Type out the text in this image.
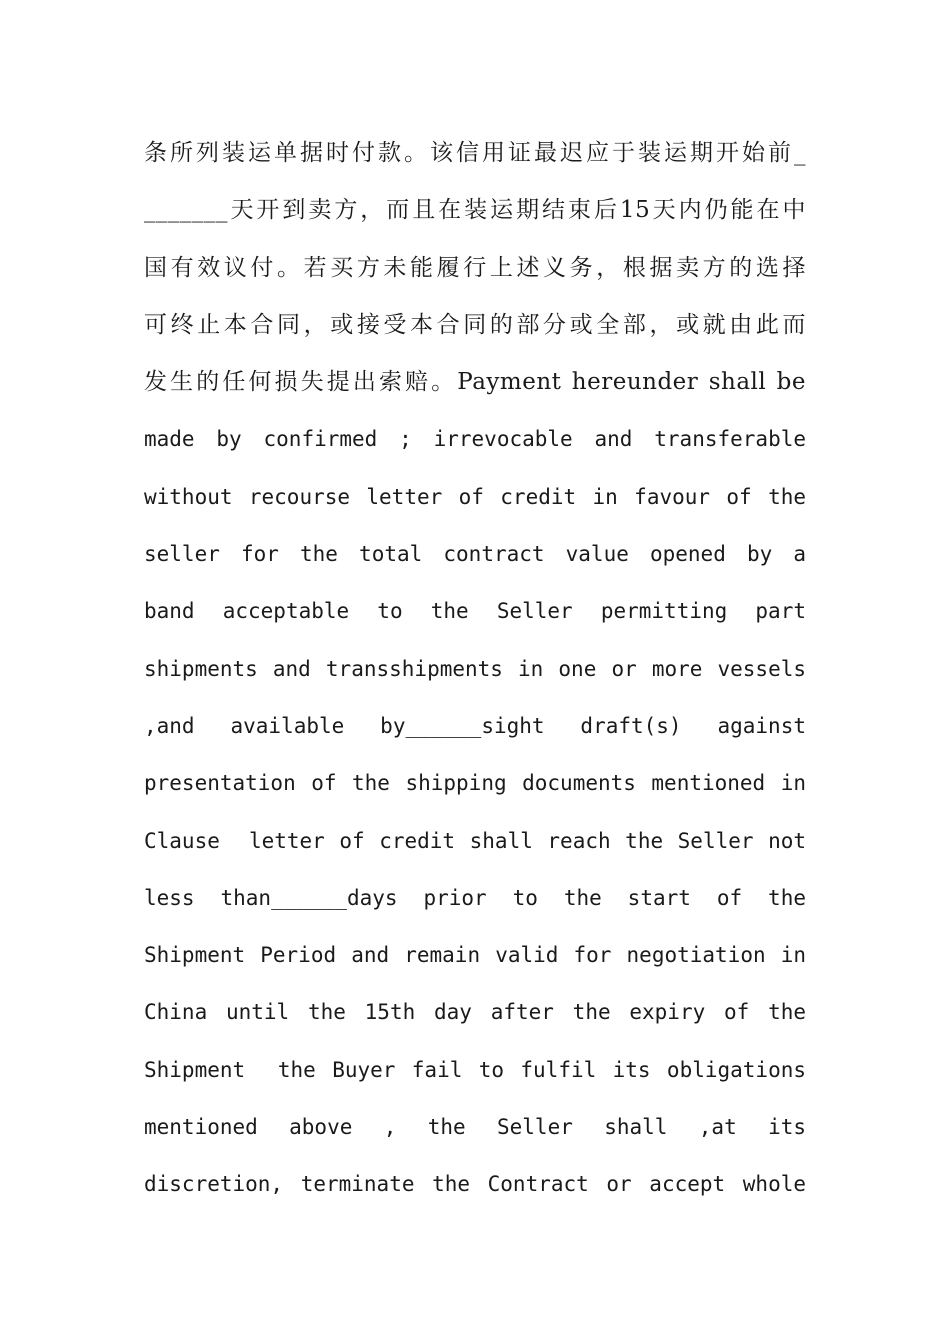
条所列装运单据时付款。该信用证最迟应于装运期开始前_
_______天开到卖方，而且在装运期结束后15天内仍能在中
国有效议付。若买方未能履行上述义务，根据卖方的选择
可终止本合同，或接受本合同的部分或全部，或就由此而
发生的任何损失提出索赔。Payment hereunder shall be
made by confirmed ; irrevocable and transferable
without recourse letter of credit in favour of the
seller for the total contract value opened by a
band acceptable to the Seller permitting part
shipments and transshipments in one or more vessels
,and available by______sight draft(s) against
presentation of the shipping documents mentioned in
Clause  letter of credit shall reach the Seller not
less than______days prior to the start of the
Shipment Period and remain valid for negotiation in
China until the 15th day after the expiry of the
Shipment  the Buyer fail to fulfil its obligations
mentioned above , the Seller shall ,at its
discretion, terminate the Contract or accept whole
